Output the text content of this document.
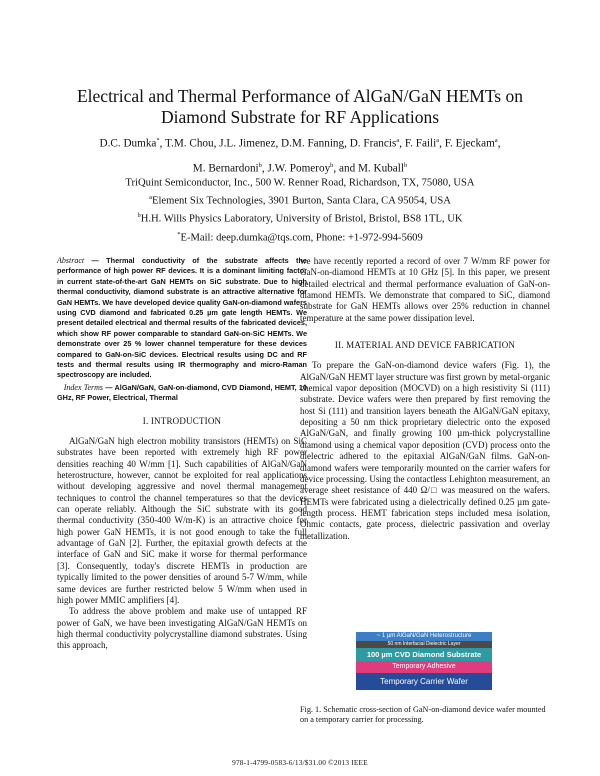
Electrical and Thermal Performance of AlGaN/GaN HEMTs on
Diamond Substrate for RF Applications
D.C. Dumka*, T.M. Chou, J.L. Jimenez, D.M. Fanning, D. Francis$^a$, F. Faili$^a$, F. Ejeckam$^a$,
M. Bernardoni$^b$, J.W. Pomeroy$^b$, and M. Kuball$^b$
TriQuint Semiconductor, Inc., 500 W. Renner Road, Richardson, TX, 75080, USA
$^a$Element Six Technologies, 3901 Burton, Santa Clara, CA 95054, USA
$^b$H.H. Wills Physics Laboratory, University of Bristol, Bristol, BS8 1TL, UK
*E-Mail: deep.dumka@tqs.com, Phone: +1-972-994-5609
Abstract — Thermal conductivity of the substrate affects the performance of high power RF devices. It is a dominant limiting factor in current state-of-the-art GaN HEMTs on SiC substrate. Due to high thermal conductivity, diamond substrate is an attractive alternative for GaN HEMTs. We have developed device quality GaN-on-diamond wafers using CVD diamond and fabricated 0.25 µm gate length HEMTs. We present detailed electrical and thermal results of the fabricated devices, which show RF power comparable to standard GaN-on-SiC HEMTs. We demonstrate over 25 % lower channel temperature for these devices compared to GaN-on-SiC devices. Electrical results using DC and RF tests and thermal results using IR thermography and micro-Raman spectroscopy are included.
Index Terms — AlGaN/GaN, GaN-on-diamond, CVD Diamond, HEMT, 10 GHz, RF Power, Electrical, Thermal
I. INTRODUCTION

AlGaN/GaN high electron mobility transistors (HEMTs) on SiC substrates have been reported with extremely high RF power densities reaching 40 W/mm [1]. Such capabilities of AlGaN/GaN heterostructure, however, cannot be exploited for real applications without developing aggressive and novel thermal management techniques to control the channel temperatures so that the devices can operate reliably. Although the SiC substrate with its good thermal conductivity (350-400 W/m-K) is an attractive choice for high power GaN HEMTs, it is not good enough to take the full advantage of GaN [2]. Further, the epitaxial growth defects at the interface of GaN and SiC make it worse for thermal performance [3]. Consequently, today's discrete HEMTs in production are typically limited to the power densities of around 5-7 W/mm, while same devices are further restricted below 5 W/mm when used in high power MMIC amplifiers [4].

To address the above problem and make use of untapped RF power of GaN, we have been investigating AlGaN/GaN HEMTs on high thermal conductivity polycrystalline diamond substrates. Using this approach,

we have recently reported a record of over 7 W/mm RF power for GaN-on-diamond HEMTs at 10 GHz [5]. In this paper, we present detailed electrical and thermal performance evaluation of GaN-on-diamond HEMTs. We demonstrate that compared to SiC, diamond substrate for GaN HEMTs allows over 25% reduction in channel temperature at the same power dissipation level.

II. MATERIAL AND DEVICE FABRICATION

To prepare the GaN-on-diamond device wafers (Fig. 1), the AlGaN/GaN HEMT layer structure was first grown by metal-organic chemical vapor deposition (MOCVD) on a high resistivity Si (111) substrate. Device wafers were then prepared by first removing the host Si (111) and transition layers beneath the AlGaN/GaN epitaxy, depositing a 50 nm thick proprietary dielectric onto the exposed AlGaN/GaN, and finally growing 100 µm-thick polycrystalline diamond using a chemical vapor deposition (CVD) process onto the dielectric adhered to the epitaxial AlGaN/GaN films. GaN-on-diamond wafers were temporarily mounted on the carrier wafers for device processing. Using the contactless Lehighton measurement, an average sheet resistance of 440 Ω/□ was measured on the wafers. HEMTs were fabricated using a dielectrically defined 0.25 µm gate-length process. HEMT fabrication steps included mesa isolation, Ohmic contacts, gate process, dielectric passivation and overlay metallization.

~ 1 µm AlGaN/GaN Heterostructure
50 nm Interfacial Dielectric Layer
100 µm CVD Diamond Substrate
Temporary Adhesive
Temporary Carrier Wafer
Fig. 1. Schematic cross-section of GaN-on-diamond device wafer mounted on a temporary carrier for processing.
978-1-4799-0583-6/13/$31.00 ©2013 IEEE
